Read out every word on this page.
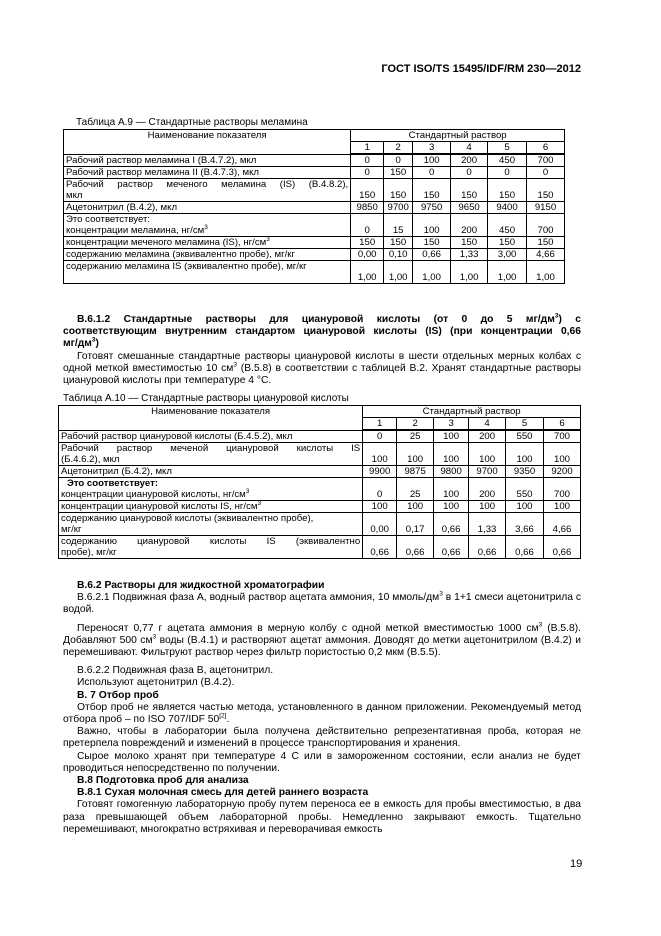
ГОСТ ISO/TS 15495/IDF/RM 230—2012
Таблица А.9 — Стандартные растворы меламина
Наименование показателя	Стандартный раствор					
	1	2	3	4	5	6
Рабочий раствор меламина I (В.4.7.2), мкл	0	0	100	200	450	700
Рабочий раствор меламина II (В.4.7.3), мкл	0	150	0	0	0	0

Рабочий раствор меченого меламина (IS) (В.4.8.2),
мкл	150	150	150	150	150	150
Ацетонитрил (В.4.2), мкл	9850	9700	9750	9650	9400	9150

Это соответствует:
концентрации меламина, $нг/см^3$	0	15	100	200	450	700
концентрации меченого меламина (IS), $нг/см^3$	150	150	150	150	150	150
содержанию меламина (эквивалентно пробе), мг/кг	0,00	0,10	0,66	1,33	3,00	4,66

содержанию меламина IS (эквивалентно пробе), мг/кг	1,00	1,00	1,00	1,00	1,00	1,00

В.6.1.2 Стандартные растворы для циануровой кислоты (от 0 до 5 $мг/дм^3$) с

соответствующим внутренним стандартом циануровой кислоты (IS) (при концентрации 0,66

$мг/дм^3$)

Готовят смешанные стандартные растворы циануровой кислоты в шести отдельных мерных колбах с одной меткой вместимостью 10 $см^3$ (В.5.8) в соответствии с таблицей В.2. Хранят стандартные растворы циануровой кислоты при температуре 4 °С.

Таблица А.10 — Стандартные растворы циануровой кислоты
Наименование показателя	Стандартный раствор					
	1	2	3	4	5	6
Рабочий раствор циануровой кислоты (Б.4.5.2), мкл	0	25	100	200	550	700

Рабочий раствор меченой циануровой кислоты IS
(Б.4.6.2), мкл	100	100	100	100	100	100
Ацетонитрил (Б.4.2), мкл	9900	9875	9800	9700	9350	9200

Это соответствует:
концентрации циануровой кислоты, $нг/см^3$	0	25	100	200	550	700
концентрации циануровой кислоты IS, $нг/см^3$	100	100	100	100	100	100

содержанию циануровой кислоты (эквивалентно пробе),
мг/кг	0,00	0,17	0,66	1,33	3,66	4,66

содержанию циануровой кислоты IS (эквивалентно
пробе), мг/кг	0,66	0,66	0,66	0,66	0,66	0,66

В.6.2 Растворы для жидкостной хроматографии

В.6.2.1 Подвижная фаза А, водный раствор ацетата аммония, 10 ммоль/$дм^3$ в 1+1 смеси ацетонитрила с водой.

Переносят 0,77 г ацетата аммония в мерную колбу с одной меткой вместимостью 1000 $см^3$ (В.5.8). Добавляют 500 $см^3$ воды (В.4.1) и растворяют ацетат аммония. Доводят до метки ацетонитрилом (В.4.2) и перемешивают. Фильтруют раствор через фильтр пористостью 0,2 мкм (В.5.5).

В.6.2.2 Подвижная фаза В, ацетонитрил.

Используют ацетонитрил (В.4.2).

В. 7 Отбор проб

Отбор проб не является частью метода, установленного в данном приложении. Рекомендуемый метод отбора проб – по ISO 707/IDF 50[2].

Важно, чтобы в лаборатории была получена действительно репрезентативная проба, которая не претерпела повреждений и изменений в процессе транспортирования и хранения.

Сырое молоко хранят при температуре 4 С или в замороженном состоянии, если анализ не будет проводиться непосредственно по получении.

В.8 Подготовка проб для анализа

В.8.1 Сухая молочная смесь для детей раннего возраста

Готовят гомогенную лабораторную пробу путем переноса ее в емкость для пробы вместимостью, в два раза превышающей объем лабораторной пробы. Немедленно закрывают емкость. Тщательно перемешивают, многократно встряхивая и переворачивая емкость

19
